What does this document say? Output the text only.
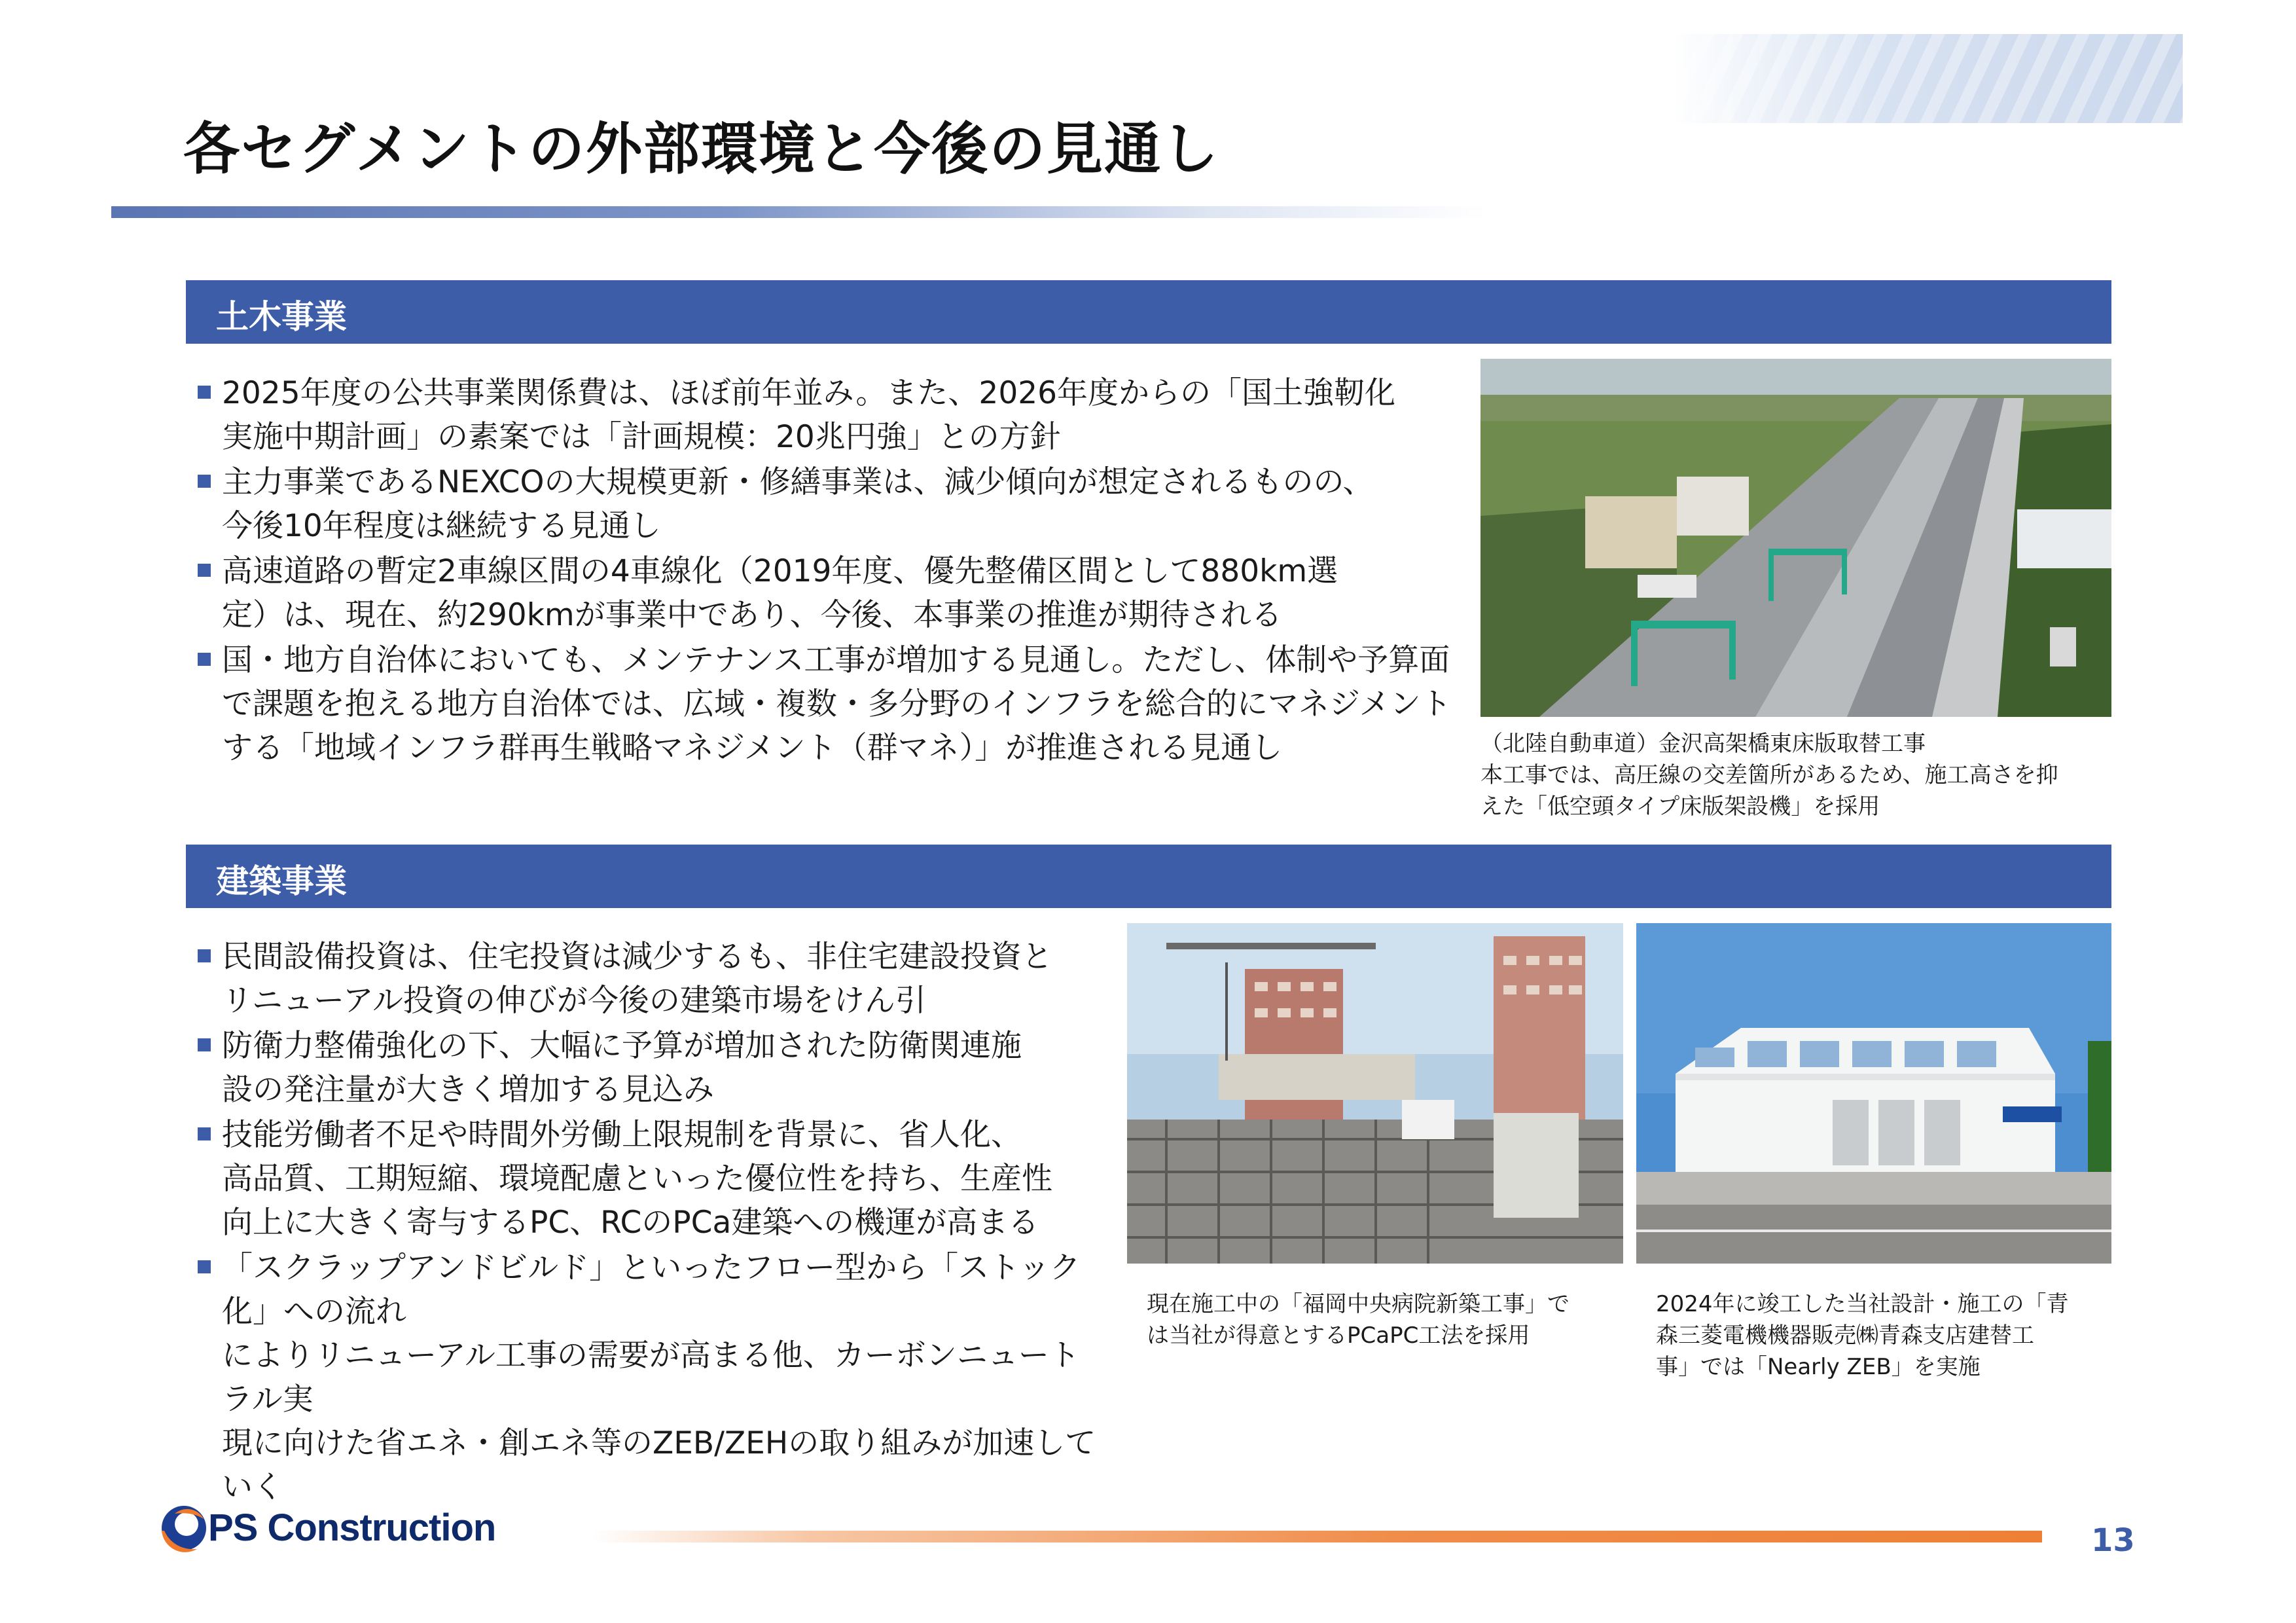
各セグメントの外部環境と今後の見通し
土木事業
2025年度の公共事業関係費は、ほぼ前年並み。また、2026年度からの「国土強靭化
実施中期計画」の素案では「計画規模：20兆円強」との方針
主力事業であるNEXCOの大規模更新・修繕事業は、減少傾向が想定されるものの、
今後10年程度は継続する見通し
高速道路の暫定2車線区間の4車線化（2019年度、優先整備区間として880km選
定）は、現在、約290kmが事業中であり、今後、本事業の推進が期待される
国・地方自治体においても、メンテナンス工事が増加する見通し。ただし、体制や予算面
で課題を抱える地方自治体では、広域・複数・多分野のインフラを総合的にマネジメント
する「地域インフラ群再生戦略マネジメント（群マネ）」が推進される見通し	（北陸自動車道）金沢高架橋東床版取替工事
本工事では、高圧線の交差箇所があるため、施工高さを抑
えた「低空頭タイプ床版架設機」を採用
建築事業
民間設備投資は、住宅投資は減少するも、非住宅建設投資と
リニューアル投資の伸びが今後の建築市場をけん引
防衛力整備強化の下、大幅に予算が増加された防衛関連施
設の発注量が大きく増加する見込み
技能労働者不足や時間外労働上限規制を背景に、省人化、
高品質、工期短縮、環境配慮といった優位性を持ち、生産性
向上に大きく寄与するPC、RCのPCa建築への機運が高まる
「スクラップアンドビルド」といったフロー型から「ストック化」への流れ
によりリニューアル工事の需要が高まる他、カーボンニュートラル実
現に向けた省エネ・創エネ等のZEB/ZEHの取り組みが加速して
いく
現在施工中の「福岡中央病院新築工事」で
は当社が得意とするPCaPC工法を採用
2024年に竣工した当社設計・施工の「青
森三菱電機機器販売㈱青森支店建替工
事」では「Nearly ZEB」を実施
PS Construction	13
